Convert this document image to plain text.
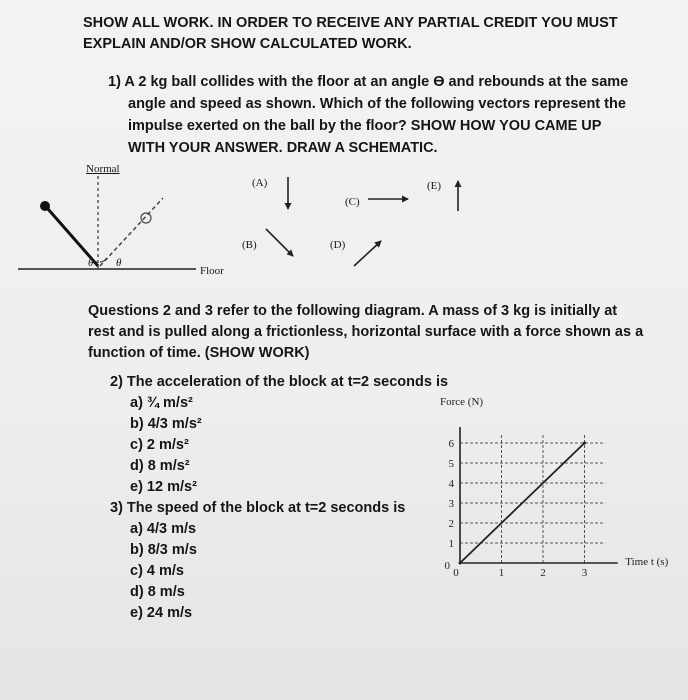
SHOW ALL WORK. IN ORDER TO RECEIVE ANY PARTIAL CREDIT YOU MUST
EXPLAIN AND/OR SHOW CALCULATED WORK.
1) A 2 kg ball collides with the floor at an angle ϴ and rebounds at the same
angle and speed as shown. Which of the following vectors represent the
impulse exerted on the ball by the floor? SHOW HOW YOU CAME UP
WITH YOUR ANSWER. DRAW A SCHEMATIC.
Normal
θ θ
Floor
(A)
(B)
(C)
(D)
(E)
Questions 2 and 3 refer to the following diagram. A mass of 3 kg is initially at
rest and is pulled along a frictionless, horizontal surface with a force shown as a
function of time. (SHOW WORK)
2) The acceleration of the block at t=2 seconds is
a) ¾ m/s²
b) 4/3 m/s²
c) 2 m/s²
d) 8 m/s²
e) 12 m/s²
3) The speed of the block at t=2 seconds is
a) 4/3 m/s
b) 8/3 m/s
c) 4 m/s
d) 8 m/s
e) 24 m/s
1
2
3
4
5
6
0	1	2	3
0
Force (N)
Time t (s)
